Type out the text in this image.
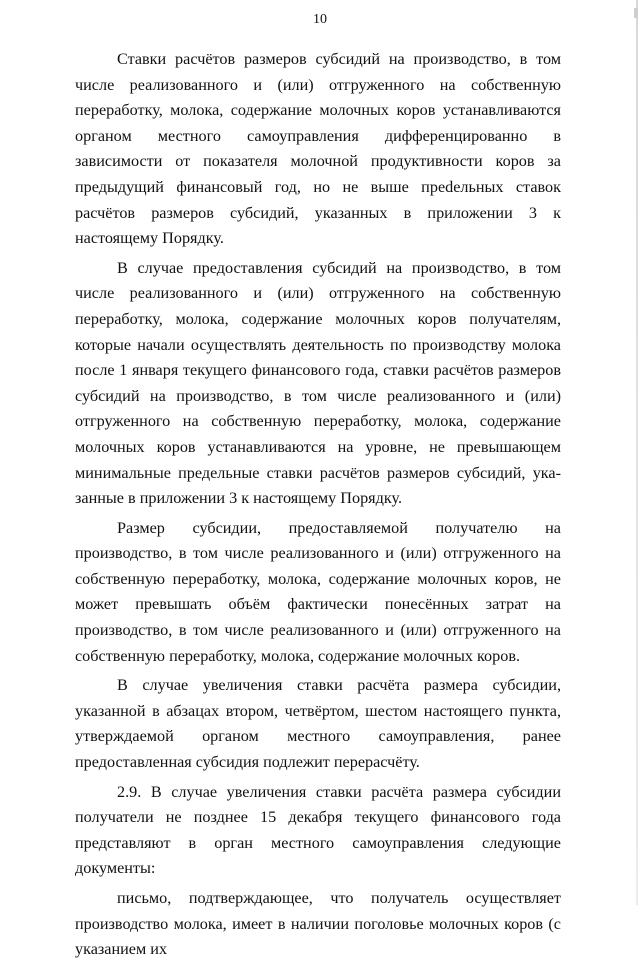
10

Ставки расчётов размеров субсидий на производство, в том числе реализованного и (или) отгруженного на собственную переработку, молока, содержание молочных коров устанавливаются органом местного самоуправления дифференцированно в зависимости от показателя молочной продуктивности коров за предыдущий финансовый год, но не выше преdельных ставок расчётов размеров субсидий, указанных в приложении 3 к настоящему Порядку.

В случае предоставления субсидий на производство, в том числе реализованного и (или) отгруженного на собственную переработку, молока, содержание молочных коров получателям, которые начали осуществлять деятельность по производству молока после 1 января текущего финансового года, ставки расчётов размеров субсидий на производство, в том числе реализованного и (или) отгруженного на собственную переработку, молока, содержание молочных коров устанавливаются на уровне, не превышающем минимальные предельные ставки расчётов размеров субсидий, указанные в приложении 3 к настоящему Порядку.

Размер субсидии, предоставляемой получателю на производство, в том числе реализованного и (или) отгруженного на собственную переработку, молока, содержание молочных коров, не может превышать объём фактически понесённых затрат на производство, в том числе реализованного и (или) отгруженного на собственную переработку, молока, содержание молочных коров.

В случае увеличения ставки расчёта размера субсидии, указанной в абзацах втором, четвёртом, шестом настоящего пункта, утверждаемой органом местного самоуправления, ранее предоставленная субсидия подлежит перерасчёту.

2.9. В случае увеличения ставки расчёта размера субсидии получатели не позднее 15 декабря текущего финансового года представляют в орган местного самоуправления следующие документы:

письмо, подтверждающее, что получатель осуществляет производство молока, имеет в наличии поголовье молочных коров (с указанием их
